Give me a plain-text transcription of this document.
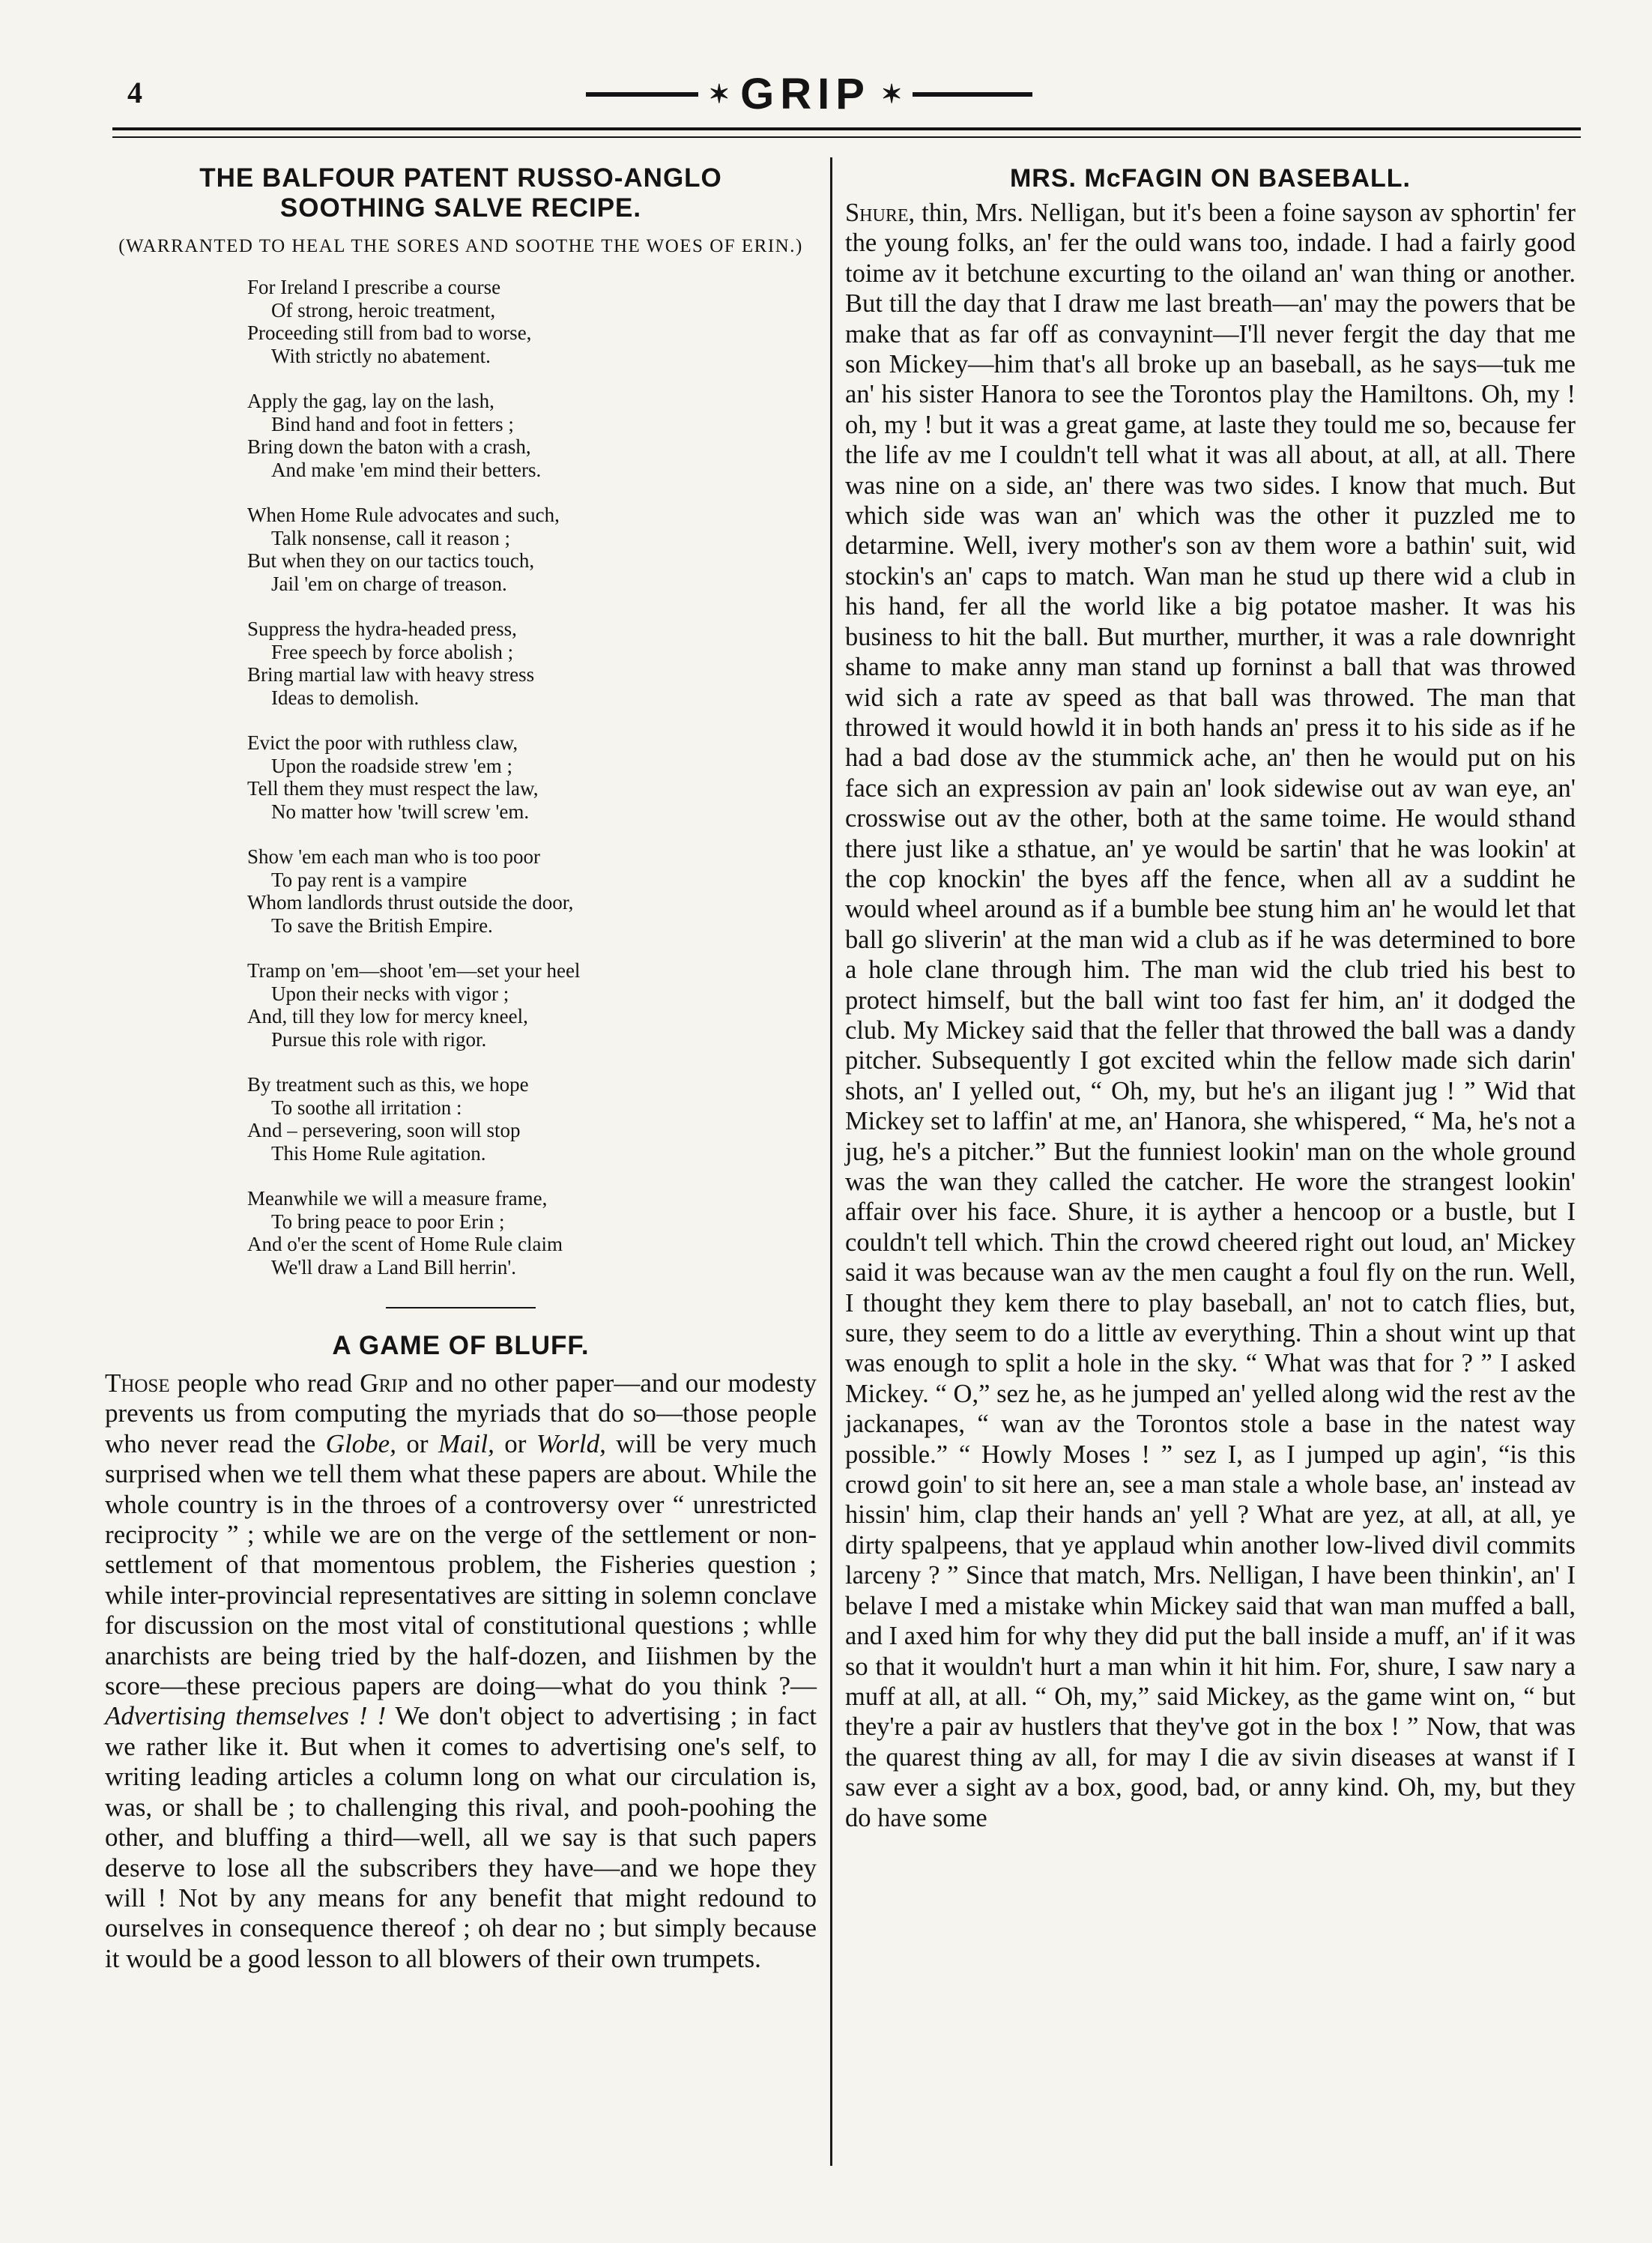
4	✶ GRIP ✶
THE BALFOUR PATENT RUSSO-ANGLO
SOOTHING SALVE RECIPE.
(WARRANTED TO HEAL THE SORES AND SOOTHE THE WOES OF ERIN.)
For Ireland I prescribe a course
Of strong, heroic treatment,
Proceeding still from bad to worse,
With strictly no abatement.
Apply the gag, lay on the lash,
Bind hand and foot in fetters ;
Bring down the baton with a crash,
And make 'em mind their betters.
When Home Rule advocates and such,
Talk nonsense, call it reason ;
But when they on our tactics touch,
Jail 'em on charge of treason.
Suppress the hydra-headed press,
Free speech by force abolish ;
Bring martial law with heavy stress
Ideas to demolish.
Evict the poor with ruthless claw,
Upon the roadside strew 'em ;
Tell them they must respect the law,
No matter how 'twill screw 'em.
Show 'em each man who is too poor
To pay rent is a vampire
Whom landlords thrust outside the door,
To save the British Empire.
Tramp on 'em—shoot 'em—set your heel
Upon their necks with vigor ;
And, till they low for mercy kneel,
Pursue this role with rigor.
By treatment such as this, we hope
To soothe all irritation :
And – persevering, soon will stop
This Home Rule agitation.
Meanwhile we will a measure frame,
To bring peace to poor Erin ;
And o'er the scent of Home Rule claim
We'll draw a Land Bill herrin'.
A GAME OF BLUFF.

Those people who read Grip and no other paper—and our modesty prevents us from computing the myriads that do so—those people who never read the Globe, or Mail, or World, will be very much surprised when we tell them what these papers are about. While the whole country is in the throes of a controversy over “ unrestricted reciprocity ” ; while we are on the verge of the settlement or non-settlement of that momentous problem, the Fisheries question ; while inter-provincial representatives are sitting in solemn conclave for discussion on the most vital of constitutional questions ; whlle anarchists are being tried by the half-dozen, and Iiishmen by the score—these precious papers are doing—what do you think ?—Advertising themselves ! ! We don't object to advertising ; in fact we rather like it. But when it comes to advertising one's self, to writing leading articles a column long on what our circulation is, was, or shall be ; to challenging this rival, and pooh-poohing the other, and bluffing a third—well, all we say is that such papers deserve to lose all the subscribers they have—and we hope they will ! Not by any means for any benefit that might redound to ourselves in consequence thereof ; oh dear no ; but simply because it would be a good lesson to all blowers of their own trumpets.

MRS. McFAGIN ON BASEBALL.

Shure, thin, Mrs. Nelligan, but it's been a foine sayson av sphortin' fer the young folks, an' fer the ould wans too, indade. I had a fairly good toime av it betchune excurting to the oiland an' wan thing or another. But till the day that I draw me last breath—an' may the powers that be make that as far off as convaynint—I'll never fergit the day that me son Mickey—him that's all broke up an baseball, as he says—tuk me an' his sister Hanora to see the Torontos play the Hamiltons. Oh, my ! oh, my ! but it was a great game, at laste they tould me so, because fer the life av me I couldn't tell what it was all about, at all, at all. There was nine on a side, an' there was two sides. I know that much. But which side was wan an' which was the other it puzzled me to detarmine. Well, ivery mother's son av them wore a bathin' suit, wid stockin's an' caps to match. Wan man he stud up there wid a club in his hand, fer all the world like a big potatoe masher. It was his business to hit the ball. But murther, murther, it was a rale downright shame to make anny man stand up forninst a ball that was throwed wid sich a rate av speed as that ball was throwed. The man that throwed it would howld it in both hands an' press it to his side as if he had a bad dose av the stummick ache, an' then he would put on his face sich an expression av pain an' look sidewise out av wan eye, an' crosswise out av the other, both at the same toime. He would sthand there just like a sthatue, an' ye would be sartin' that he was lookin' at the cop knockin' the byes aff the fence, when all av a suddint he would wheel around as if a bumble bee stung him an' he would let that ball go sliverin' at the man wid a club as if he was determined to bore a hole clane through him. The man wid the club tried his best to protect himself, but the ball wint too fast fer him, an' it dodged the club. My Mickey said that the feller that throwed the ball was a dandy pitcher. Subsequently I got excited whin the fellow made sich darin' shots, an' I yelled out, “ Oh, my, but he's an iligant jug ! ” Wid that Mickey set to laffin' at me, an' Hanora, she whispered, “ Ma, he's not a jug, he's a pitcher.” But the funniest lookin' man on the whole ground was the wan they called the catcher. He wore the strangest lookin' affair over his face. Shure, it is ayther a hencoop or a bustle, but I couldn't tell which. Thin the crowd cheered right out loud, an' Mickey said it was because wan av the men caught a foul fly on the run. Well, I thought they kem there to play baseball, an' not to catch flies, but, sure, they seem to do a little av everything. Thin a shout wint up that was enough to split a hole in the sky. “ What was that for ? ” I asked Mickey. “ O,” sez he, as he jumped an' yelled along wid the rest av the jackanapes, “ wan av the Torontos stole a base in the natest way possible.” “ Howly Moses ! ” sez I, as I jumped up agin', “is this crowd goin' to sit here an, see a man stale a whole base, an' instead av hissin' him, clap their hands an' yell ? What are yez, at all, at all, ye dirty spalpeens, that ye applaud whin another low-lived divil commits larceny ? ” Since that match, Mrs. Nelligan, I have been thinkin', an' I belave I med a mistake whin Mickey said that wan man muffed a ball, and I axed him for why they did put the ball inside a muff, an' if it was so that it wouldn't hurt a man whin it hit him. For, shure, I saw nary a muff at all, at all. “ Oh, my,” said Mickey, as the game wint on, “ but they're a pair av hustlers that they've got in the box ! ” Now, that was the quarest thing av all, for may I die av sivin diseases at wanst if I saw ever a sight av a box, good, bad, or anny kind. Oh, my, but they do have some
